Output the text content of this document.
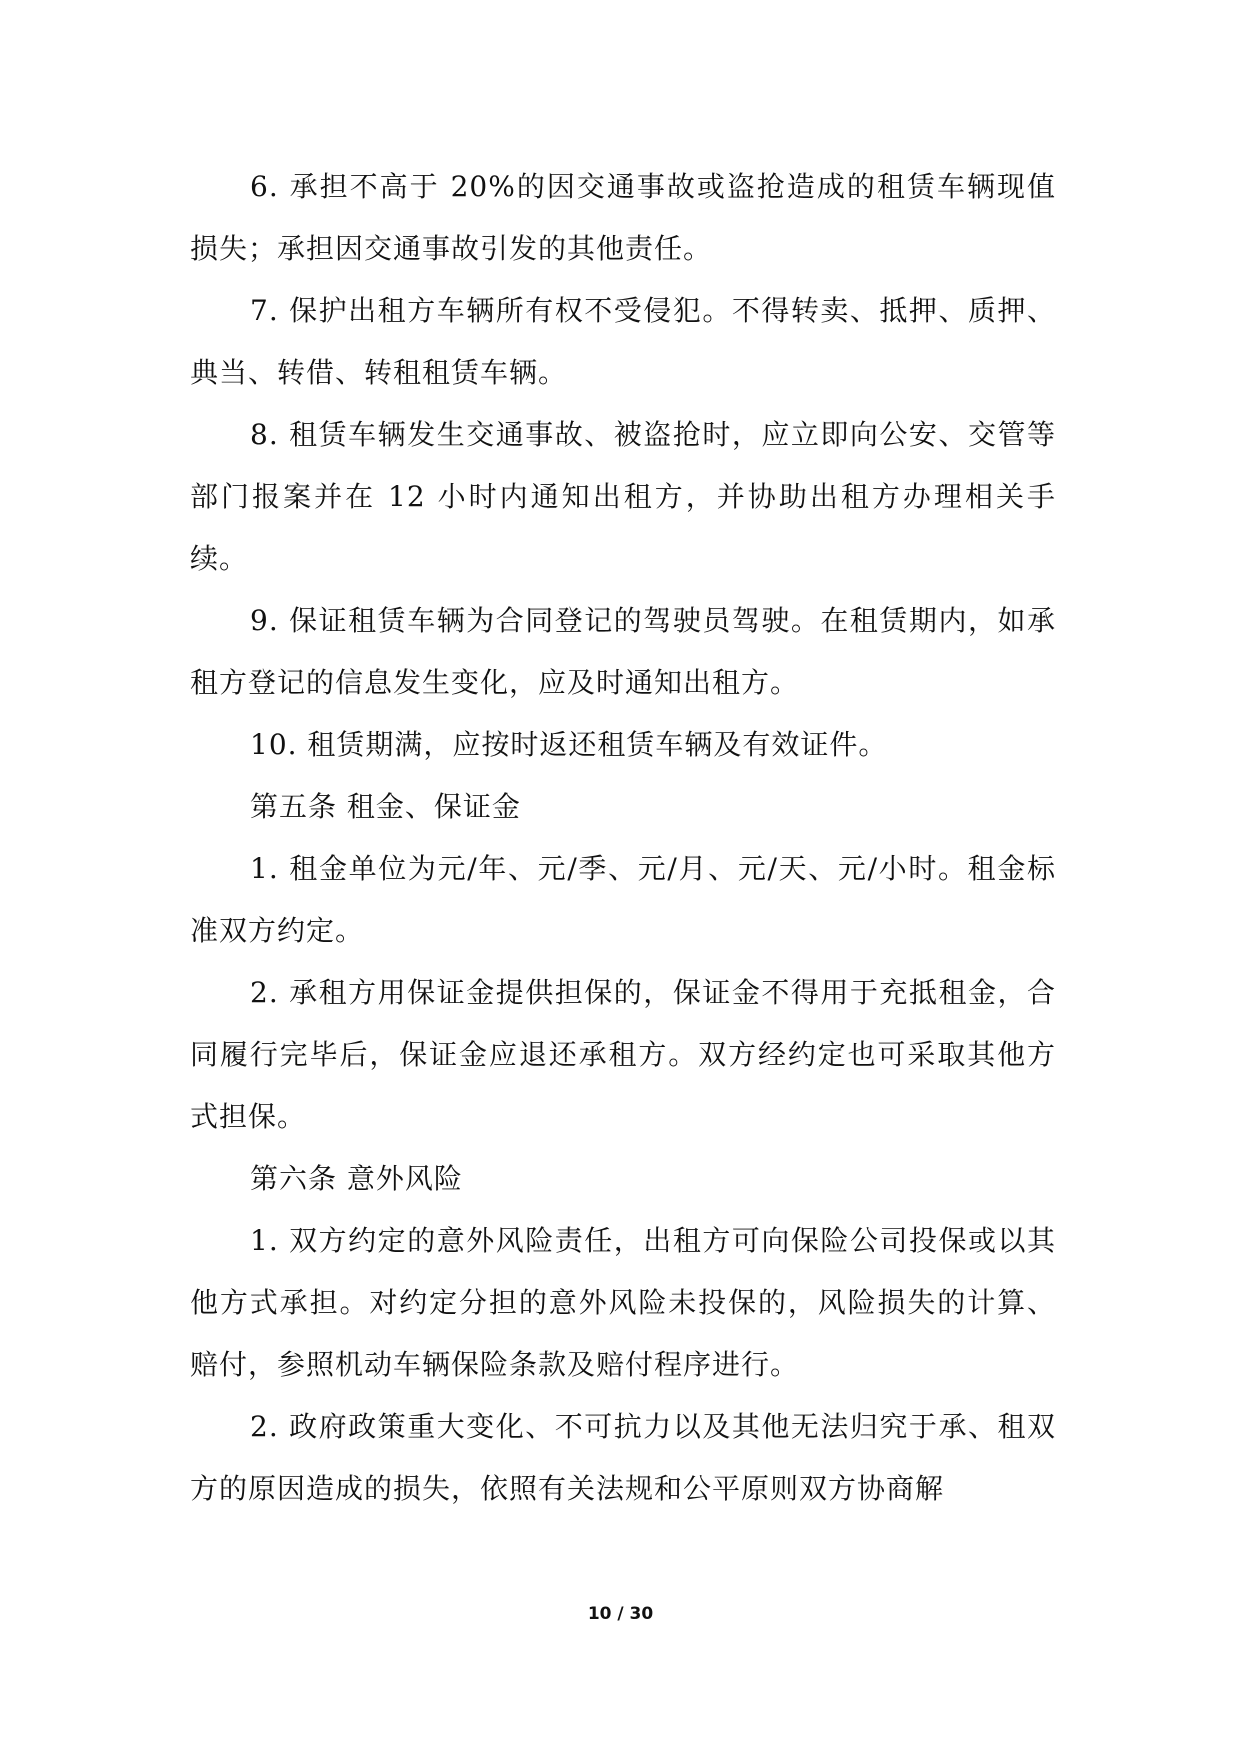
6. 承担不高于 20%的因交通事故或盗抢造成的租赁车辆现值损失；承担因交通事故引发的其他责任。

7. 保护出租方车辆所有权不受侵犯。不得转卖、抵押、质押、典当、转借、转租租赁车辆。

8. 租赁车辆发生交通事故、被盗抢时，应立即向公安、交管等部门报案并在 12 小时内通知出租方，并协助出租方办理相关手续。

9. 保证租赁车辆为合同登记的驾驶员驾驶。在租赁期内，如承租方登记的信息发生变化，应及时通知出租方。

10. 租赁期满，应按时返还租赁车辆及有效证件。

第五条 租金、保证金

1. 租金单位为元/年、元/季、元/月、元/天、元/小时。租金标准双方约定。

2. 承租方用保证金提供担保的，保证金不得用于充抵租金，合同履行完毕后，保证金应退还承租方。双方经约定也可采取其他方式担保。

第六条 意外风险

1. 双方约定的意外风险责任，出租方可向保险公司投保或以其他方式承担。对约定分担的意外风险未投保的，风险损失的计算、赔付，参照机动车辆保险条款及赔付程序进行。

2. 政府政策重大变化、不可抗力以及其他无法归究于承、租双方的原因造成的损失，依照有关法规和公平原则双方协商解

10 / 30
